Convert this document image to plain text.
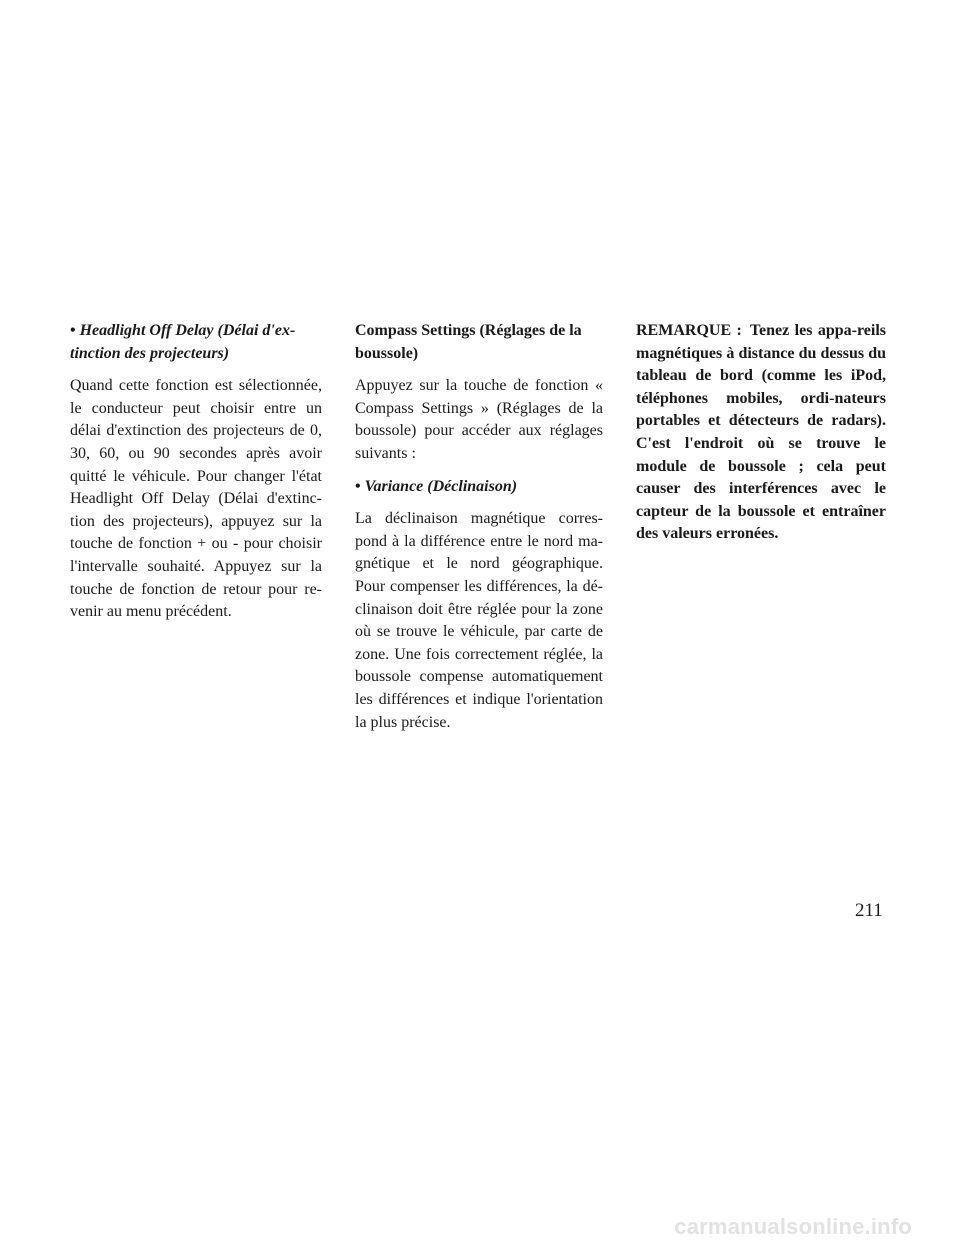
• Headlight Off Delay (Délai d'ex-tinction des projecteurs)

Quand cette fonction est sélectionnée, le conducteur peut choisir entre un délai d'extinction des projecteurs de 0, 30, 60, ou 90 secondes après avoir quitté le véhicule. Pour changer l'état Headlight Off Delay (Délai d'extinc-tion des projecteurs), appuyez sur la touche de fonction + ou - pour choisir l'intervalle souhaité. Appuyez sur la touche de fonction de retour pour re-venir au menu précédent.

Compass Settings (Réglages de la boussole)

Appuyez sur la touche de fonction « Compass Settings » (Réglages de la boussole) pour accéder aux réglages suivants :

• Variance (Déclinaison)

La déclinaison magnétique corres-pond à la différence entre le nord ma-gnétique et le nord géographique. Pour compenser les différences, la dé-clinaison doit être réglée pour la zone où se trouve le véhicule, par carte de zone. Une fois correctement réglée, la boussole compense automatiquement les différences et indique l'orientation la plus précise.

REMARQUE : Tenez les appa-reils magnétiques à distance du dessus du tableau de bord (comme les iPod, téléphones mobiles, ordi-nateurs portables et détecteurs de radars). C'est l'endroit où se trouve le module de boussole ; cela peut causer des interférences avec le capteur de la boussole et entraîner des valeurs erronées.

211
carmanualsonline.info
